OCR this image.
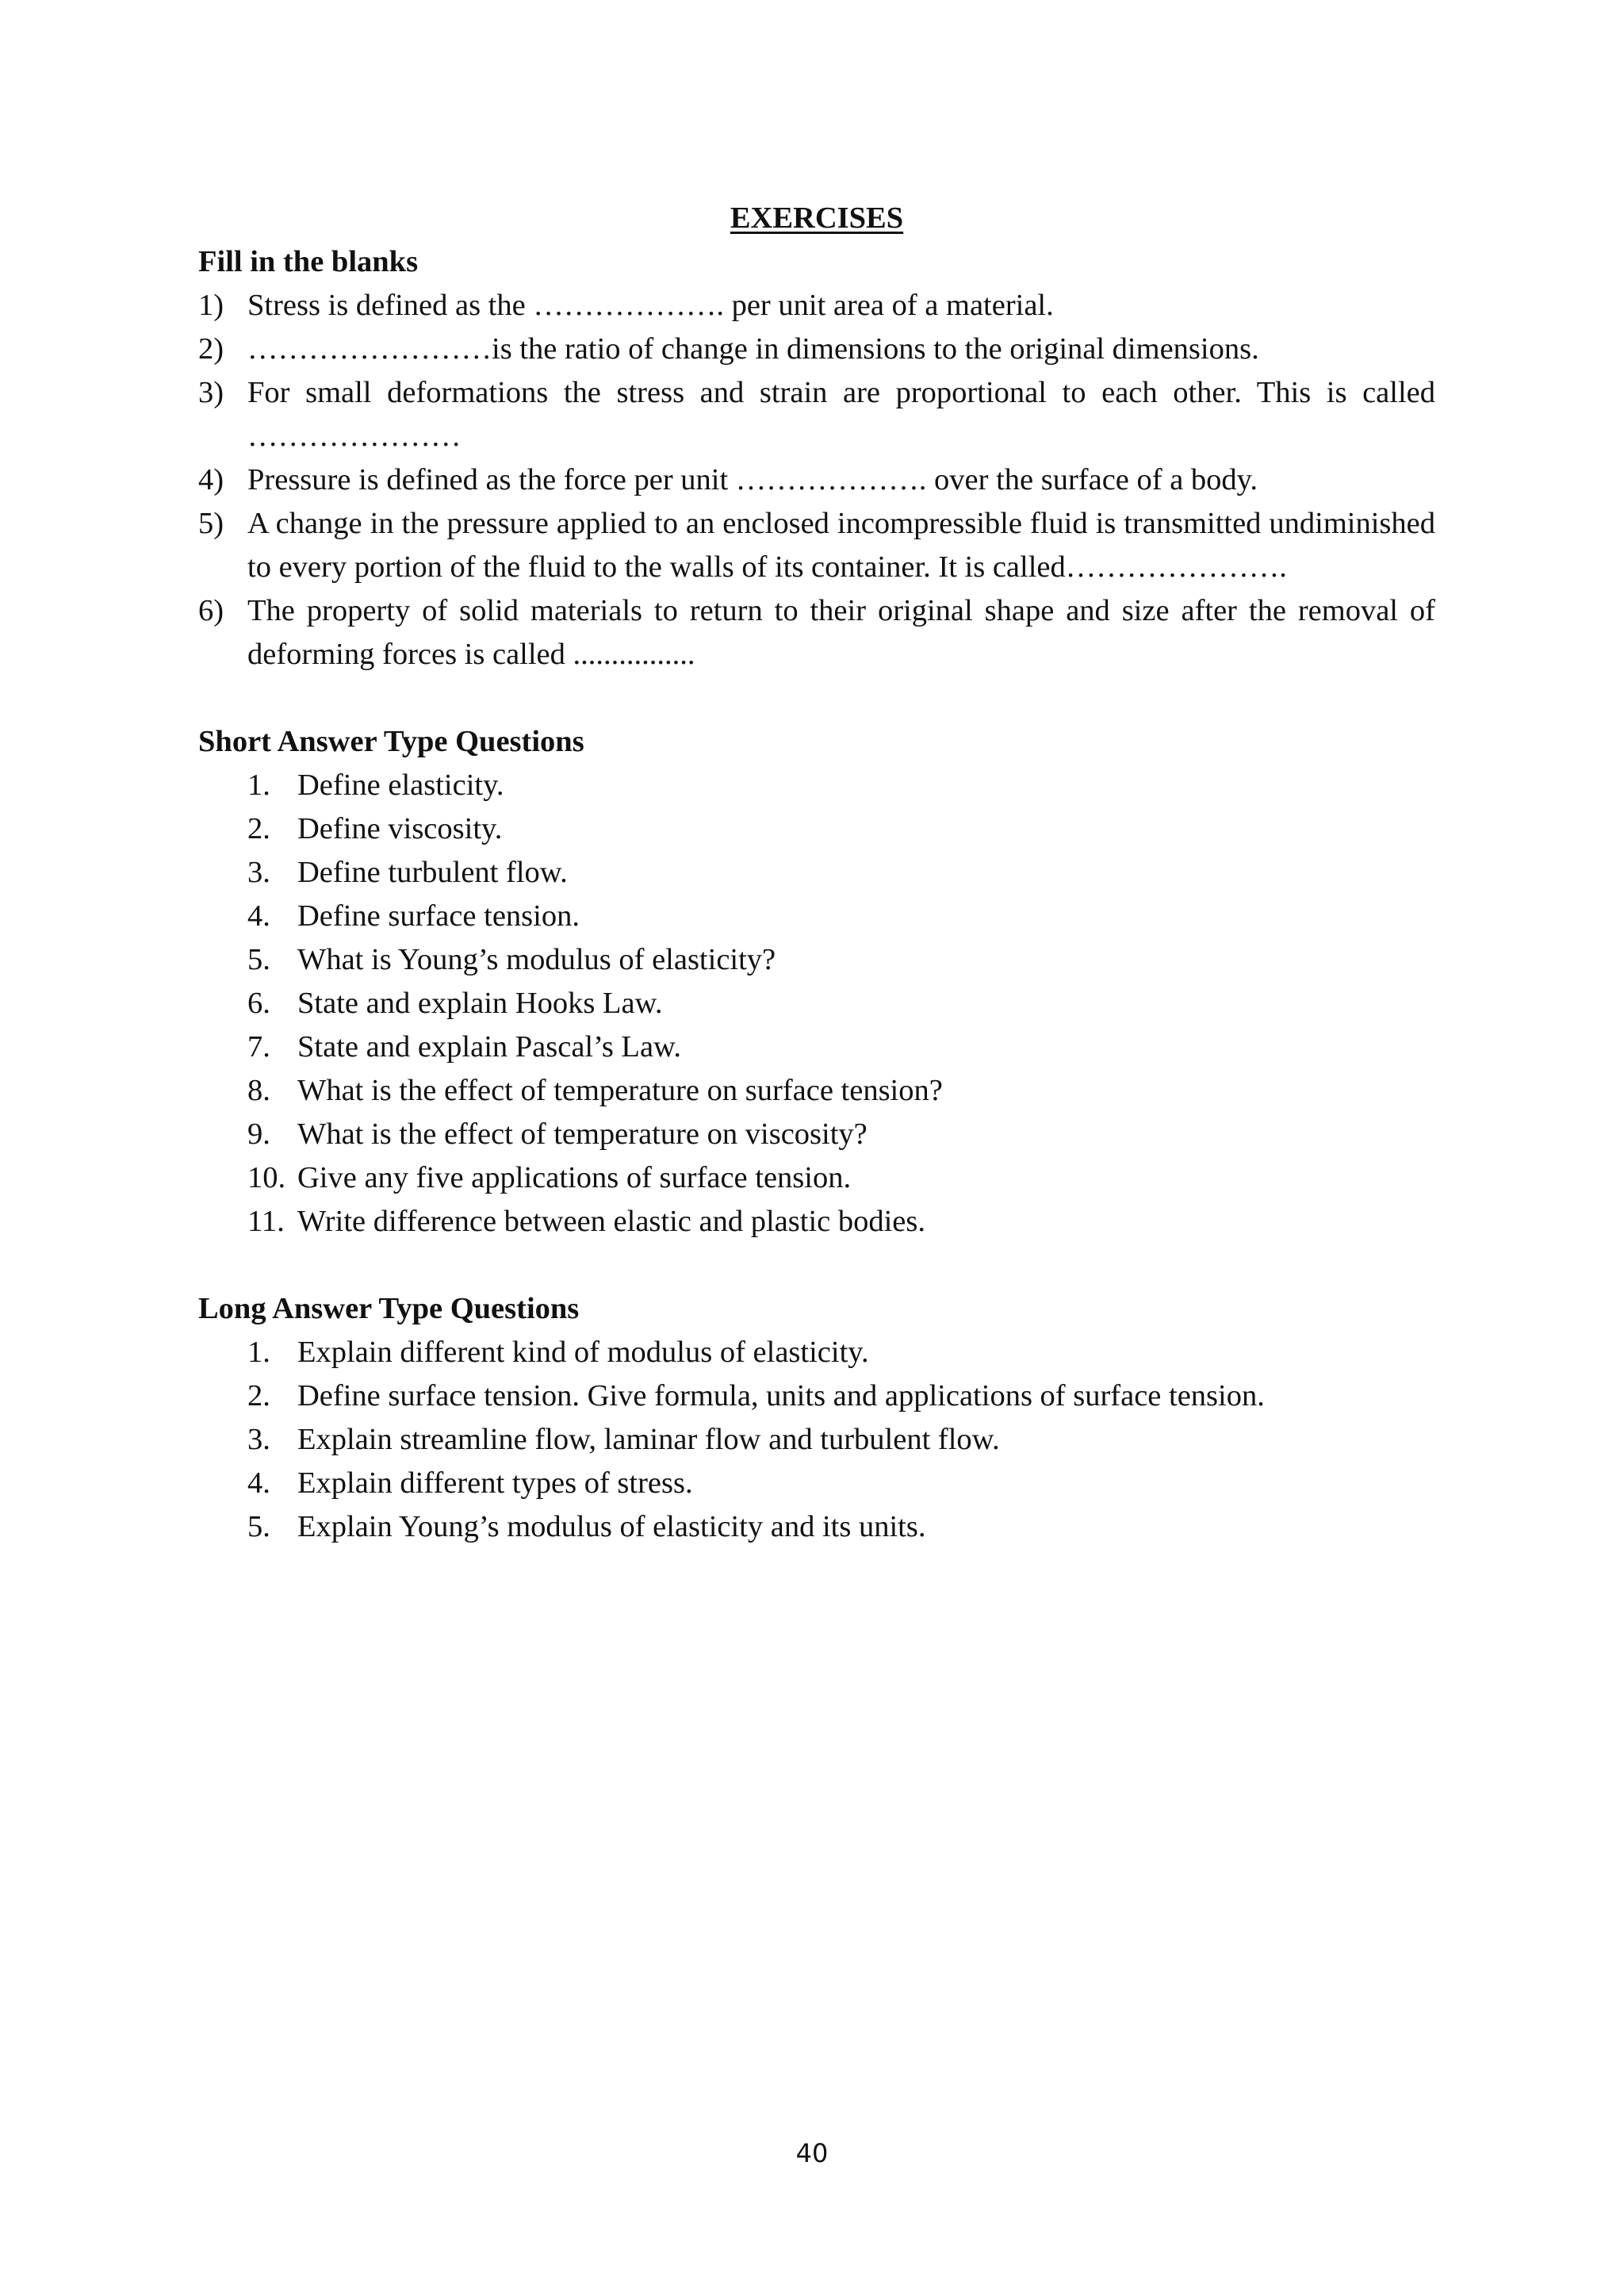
EXERCISES
Fill in the blanks
1) Stress is defined as the ………………. per unit area of a material.
2) ……………………is the ratio of change in dimensions to the original dimensions.
3) For small deformations the stress and strain are proportional to each other. This is called …………………
4) Pressure is defined as the force per unit ………………. over the surface of a body.
5) A change in the pressure applied to an enclosed incompressible fluid is transmitted undiminished to every portion of the fluid to the walls of its container. It is called………………….
6) The property of solid materials to return to their original shape and size after the removal of deforming forces is called ................
Short Answer Type Questions
1. Define elasticity.
2. Define viscosity.
3. Define turbulent flow.
4. Define surface tension.
5. What is Young’s modulus of elasticity?
6. State and explain Hooks Law.
7. State and explain Pascal’s Law.
8. What is the effect of temperature on surface tension?
9. What is the effect of temperature on viscosity?
10. Give any five applications of surface tension.
11. Write difference between elastic and plastic bodies.
Long Answer Type Questions
1. Explain different kind of modulus of elasticity.
2. Define surface tension. Give formula, units and applications of surface tension.
3. Explain streamline flow, laminar flow and turbulent flow.
4. Explain different types of stress.
5. Explain Young’s modulus of elasticity and its units.
40
